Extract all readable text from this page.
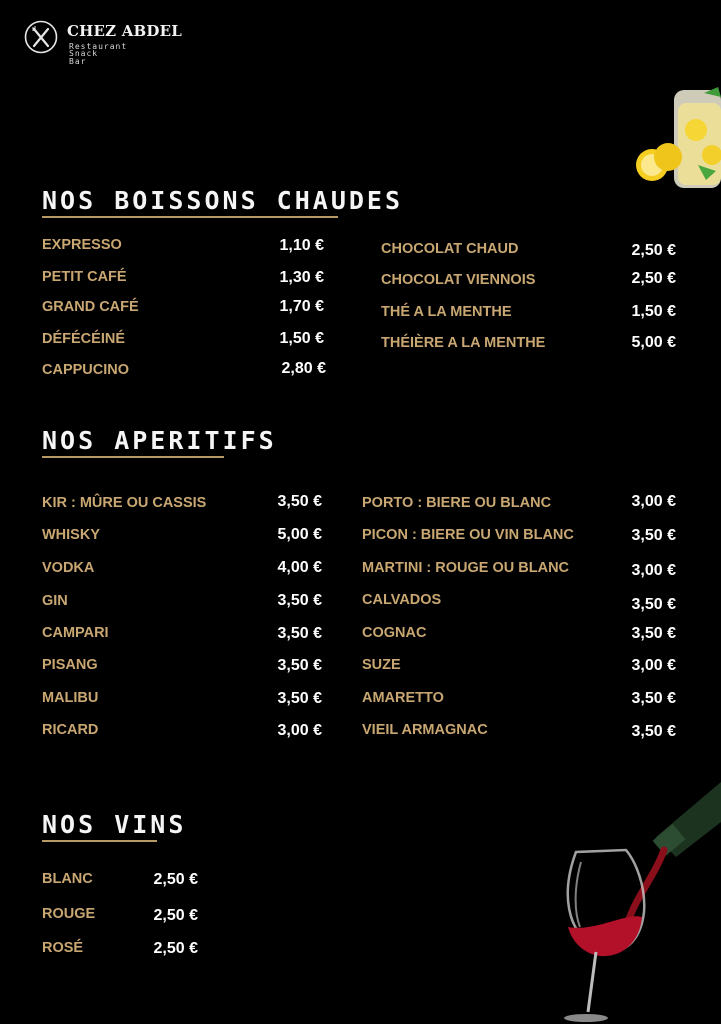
CHEZ ABDEL
Restaurant
Snack
Bar
NOS BOISSONS CHAUDES
EXPRESSO	1,10 €
PETIT CAFÉ	1,30 €
GRAND CAFÉ	1,70 €
DÉFÉCÉINÉ	1,50 €
CAPPUCINO	2,80 €
CHOCOLAT CHAUD	2,50 €
CHOCOLAT VIENNOIS	2,50 €
THÉ A LA MENTHE	1,50 €
THÉIÈRE A LA MENTHE	5,00 €
NOS APERITIFS
KIR : MÛRE OU CASSIS	3,50 €
WHISKY	5,00 €
VODKA	4,00 €
GIN	3,50 €
CAMPARI	3,50 €
PISANG	3,50 €
MALIBU	3,50 €
RICARD	3,00 €
PORTO : BIERE OU BLANC	3,00 €
PICON : BIERE OU VIN BLANC	3,50 €
MARTINI : ROUGE OU BLANC	3,00 €
CALVADOS	3,50 €
COGNAC	3,50 €
SUZE	3,00 €
AMARETTO	3,50 €
VIEIL ARMAGNAC	3,50 €
NOS VINS
BLANC	2,50 €
ROUGE	2,50 €
ROSÉ	2,50 €
